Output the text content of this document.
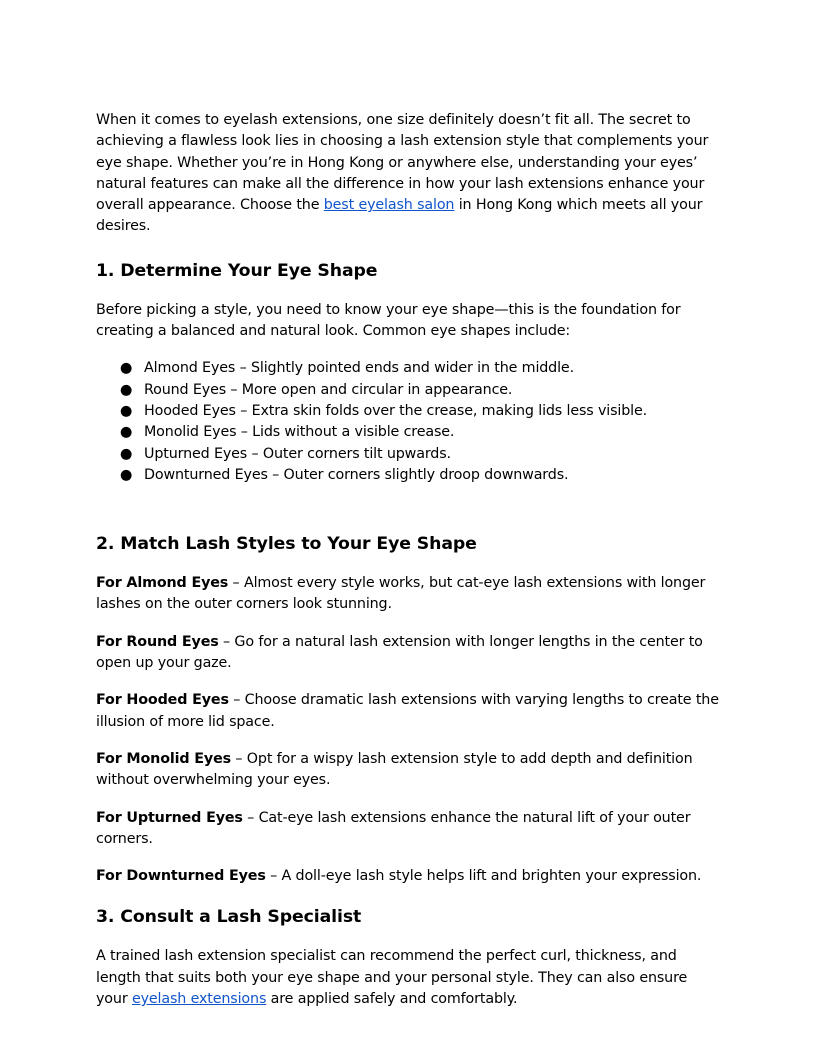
When it comes to eyelash extensions, one size definitely doesn’t fit all. The secret to achieving a flawless look lies in choosing a lash extension style that complements your eye shape. Whether you’re in Hong Kong or anywhere else, understanding your eyes’ natural features can make all the difference in how your lash extensions enhance your overall appearance. Choose the best eyelash salon in Hong Kong which meets all your desires.

1. Determine Your Eye Shape

Before picking a style, you need to know your eye shape—this is the foundation for creating a balanced and natural look. Common eye shapes include:

● Almond Eyes – Slightly pointed ends and wider in the middle.
● Round Eyes – More open and circular in appearance.
● Hooded Eyes – Extra skin folds over the crease, making lids less visible.
● Monolid Eyes – Lids without a visible crease.
● Upturned Eyes – Outer corners tilt upwards.
● Downturned Eyes – Outer corners slightly droop downwards.
2. Match Lash Styles to Your Eye Shape

For Almond Eyes – Almost every style works, but cat-eye lash extensions with longer lashes on the outer corners look stunning.

For Round Eyes – Go for a natural lash extension with longer lengths in the center to open up your gaze.

For Hooded Eyes – Choose dramatic lash extensions with varying lengths to create the illusion of more lid space.

For Monolid Eyes – Opt for a wispy lash extension style to add depth and definition without overwhelming your eyes.

For Upturned Eyes – Cat-eye lash extensions enhance the natural lift of your outer corners.

For Downturned Eyes – A doll-eye lash style helps lift and brighten your expression.

3. Consult a Lash Specialist

A trained lash extension specialist can recommend the perfect curl, thickness, and length that suits both your eye shape and your personal style. They can also ensure your eyelash extensions are applied safely and comfortably.
